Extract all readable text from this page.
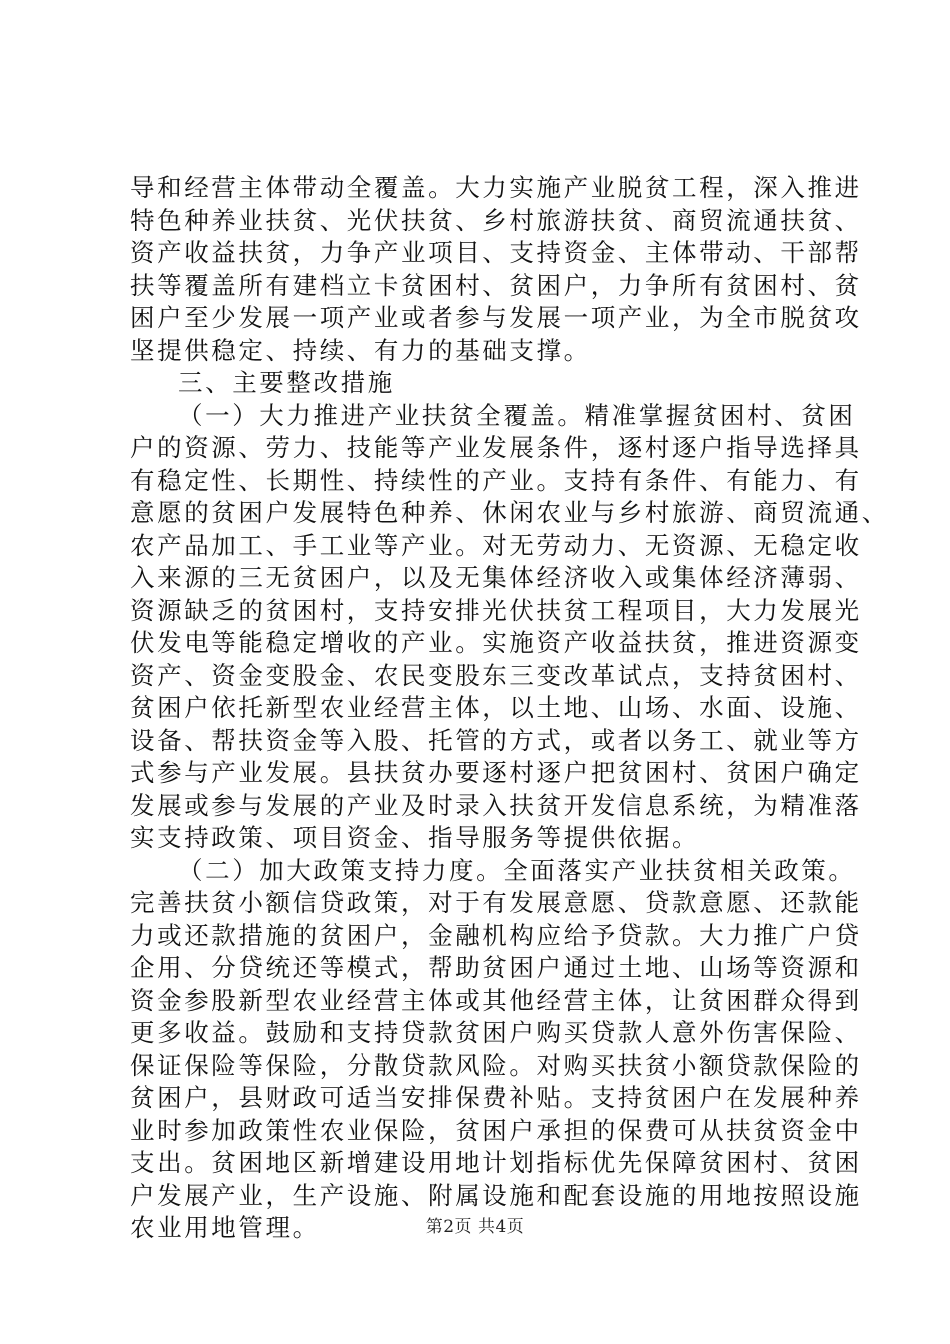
导和经营主体带动全覆盖。大力实施产业脱贫工程，深入推进
特色种养业扶贫、光伏扶贫、乡村旅游扶贫、商贸流通扶贫、
资产收益扶贫，力争产业项目、支持资金、主体带动、干部帮
扶等覆盖所有建档立卡贫困村、贫困户，力争所有贫困村、贫
困户至少发展一项产业或者参与发展一项产业，为全市脱贫攻
坚提供稳定、持续、有力的基础支撑。
三、主要整改措施
（一）大力推进产业扶贫全覆盖。精准掌握贫困村、贫困
户的资源、劳力、技能等产业发展条件，逐村逐户指导选择具
有稳定性、长期性、持续性的产业。支持有条件、有能力、有
意愿的贫困户发展特色种养、休闲农业与乡村旅游、商贸流通、
农产品加工、手工业等产业。对无劳动力、无资源、无稳定收
入来源的三无贫困户，以及无集体经济收入或集体经济薄弱、
资源缺乏的贫困村，支持安排光伏扶贫工程项目，大力发展光
伏发电等能稳定增收的产业。实施资产收益扶贫，推进资源变
资产、资金变股金、农民变股东三变改革试点，支持贫困村、
贫困户依托新型农业经营主体，以土地、山场、水面、设施、
设备、帮扶资金等入股、托管的方式，或者以务工、就业等方
式参与产业发展。县扶贫办要逐村逐户把贫困村、贫困户确定
发展或参与发展的产业及时录入扶贫开发信息系统，为精准落
实支持政策、项目资金、指导服务等提供依据。
（二）加大政策支持力度。全面落实产业扶贫相关政策。
完善扶贫小额信贷政策，对于有发展意愿、贷款意愿、还款能
力或还款措施的贫困户，金融机构应给予贷款。大力推广户贷
企用、分贷统还等模式，帮助贫困户通过土地、山场等资源和
资金参股新型农业经营主体或其他经营主体，让贫困群众得到
更多收益。鼓励和支持贷款贫困户购买贷款人意外伤害保险、
保证保险等保险，分散贷款风险。对购买扶贫小额贷款保险的
贫困户，县财政可适当安排保费补贴。支持贫困户在发展种养
业时参加政策性农业保险，贫困户承担的保费可从扶贫资金中
支出。贫困地区新增建设用地计划指标优先保障贫困村、贫困
户发展产业，生产设施、附属设施和配套设施的用地按照设施
农业用地管理。	第2页 共4页
